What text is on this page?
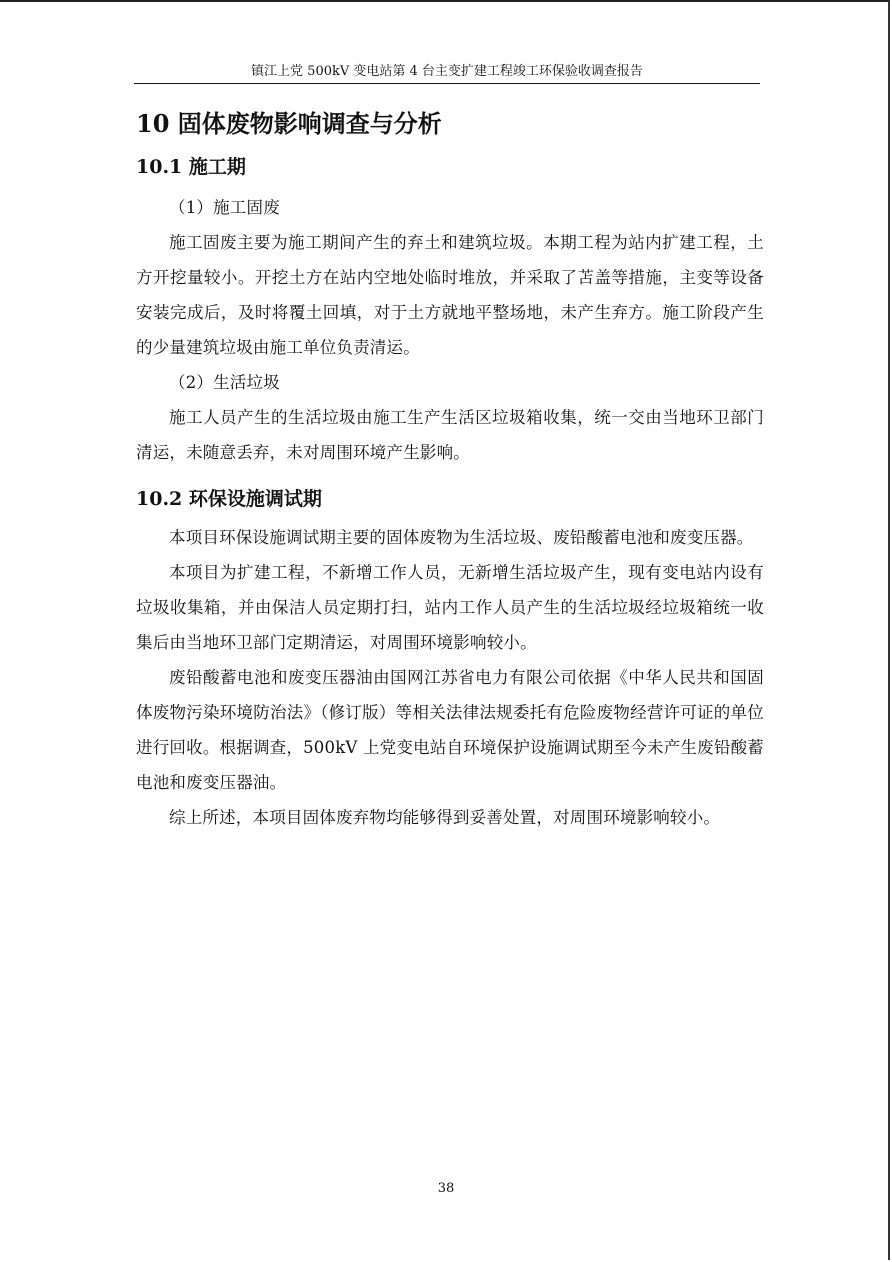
镇江上党 500kV 变电站第 4 台主变扩建工程竣工环保验收调查报告
10 固体废物影响调查与分析
10.1 施工期

（1）施工固废

施工固废主要为施工期间产生的弃土和建筑垃圾。本期工程为站内扩建工程，土方开挖量较小。开挖土方在站内空地处临时堆放，并采取了苫盖等措施，主变等设备安装完成后，及时将覆土回填，对于土方就地平整场地，未产生弃方。施工阶段产生的少量建筑垃圾由施工单位负责清运。

（2）生活垃圾

施工人员产生的生活垃圾由施工生产生活区垃圾箱收集，统一交由当地环卫部门清运，未随意丢弃，未对周围环境产生影响。

10.2 环保设施调试期

本项目环保设施调试期主要的固体废物为生活垃圾、废铅酸蓄电池和废变压器。

本项目为扩建工程，不新增工作人员，无新增生活垃圾产生，现有变电站内设有垃圾收集箱，并由保洁人员定期打扫，站内工作人员产生的生活垃圾经垃圾箱统一收集后由当地环卫部门定期清运，对周围环境影响较小。

废铅酸蓄电池和废变压器油由国网江苏省电力有限公司依据《中华人民共和国固体废物污染环境防治法》（修订版）等相关法律法规委托有危险废物经营许可证的单位进行回收。根据调查，500kV 上党变电站自环境保护设施调试期至今未产生废铅酸蓄电池和废变压器油。

综上所述，本项目固体废弃物均能够得到妥善处置，对周围环境影响较小。

38
